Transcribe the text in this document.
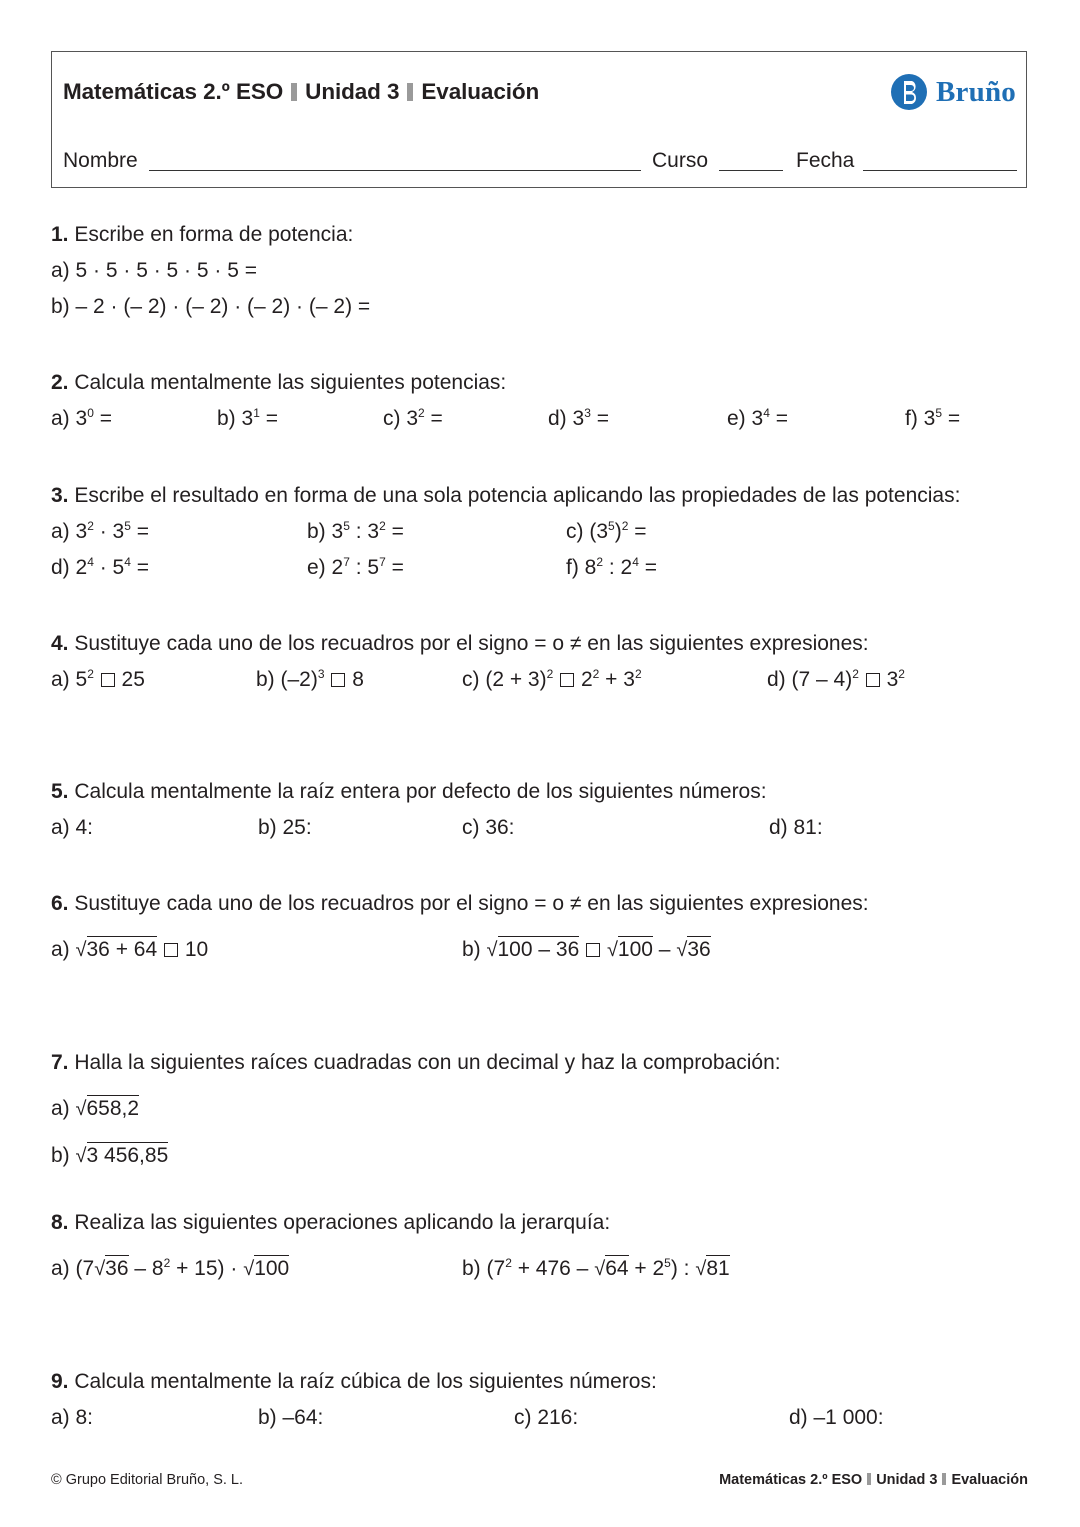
Matemáticas 2.º ESO Unidad 3 Evaluación	Bruño
Nombre	Curso	Fecha
1. Escribe en forma de potencia:
a) 5 · 5 · 5 · 5 · 5 · 5 =
b) – 2 · (– 2) · (– 2) · (– 2) · (– 2) =
2. Calcula mentalmente las siguientes potencias:
a) $3^0$ =	b) $3^1$ =	c) $3^2$ =	d) $3^3$ =	e) $3^4$ =	f) $3^5$ =
3. Escribe el resultado en forma de una sola potencia aplicando las propiedades de las potencias:
a) $3^2 \cdot 3^5$ =	b) $3^5$ : $3^2$ =	c) $(3^5)^2$ =
d) $2^4 \cdot 5^4$ =	e) $2^7$ : $5^7$ =	f) $8^2$ : $2^4$ =
4. Sustituye cada uno de los recuadros por el signo = o ≠ en las siguientes expresiones:
a) $5^2$  25	b) $(-2)^3$  8	c) $(2 + 3)^2$  $2^2 + 3^2$	d) (7 – 4)$^2$  $3^2$
5. Calcula mentalmente la raíz entera por defecto de los siguientes números:
a) 4:	b) 25:	c) 36:	d) 81:
6. Sustituye cada uno de los recuadros por el signo = o ≠ en las siguientes expresiones:
a) √36 + 64 10	b) √100 – 36 √100 – √36
7. Halla la siguientes raíces cuadradas con un decimal y haz la comprobación:
a) √658,2
b) √3 456,85
8. Realiza las siguientes operaciones aplicando la jerarquía:
a) $(7√36 - 8^2 + 15) \cdot √100$	b) $(7^2 + 476 - √64 + 2^5)$ : √81
9. Calcula mentalmente la raíz cúbica de los siguientes números:
a) 8:	b) –64:	c) 216:	d) –1 000:
© Grupo Editorial Bruño, S. L.	Matemáticas 2.º ESO Unidad 3 Evaluación
